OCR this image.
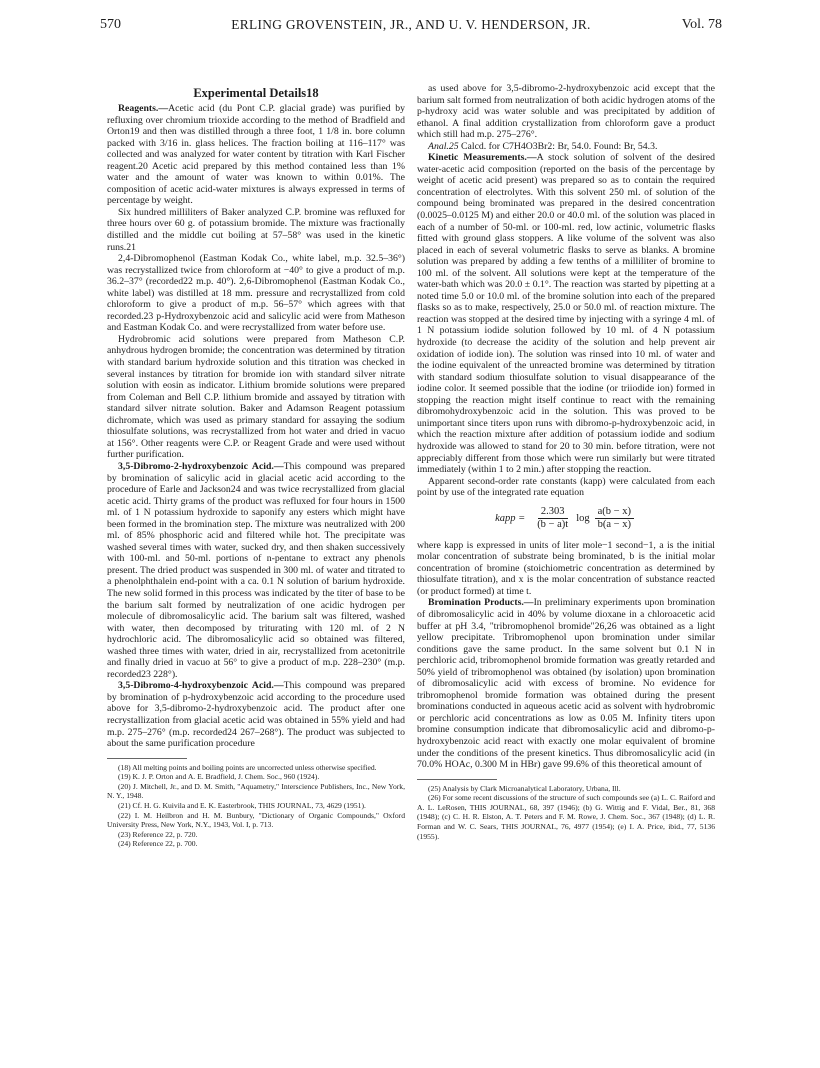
570	ERLING GROVENSTEIN, JR., AND U. V. HENDERSON, JR.	Vol. 78
Experimental Details18

Reagents.—Acetic acid (du Pont C.P. glacial grade) was purified by refluxing over chromium trioxide according to the method of Bradfield and Orton19 and then was distilled through a three foot, 1 1/8 in. bore column packed with 3/16 in. glass helices. The fraction boiling at 116–117° was collected and was analyzed for water content by titration with Karl Fischer reagent.20 Acetic acid prepared by this method contained less than 1% water and the amount of water was known to within 0.01%. The composition of acetic acid-water mixtures is always expressed in terms of percentage by weight.

Six hundred milliliters of Baker analyzed C.P. bromine was refluxed for three hours over 60 g. of potassium bromide. The mixture was fractionally distilled and the middle cut boiling at 57–58° was used in the kinetic runs.21

2,4-Dibromophenol (Eastman Kodak Co., white label, m.p. 32.5–36°) was recrystallized twice from chloroform at −40° to give a product of m.p. 36.2–37° (recorded22 m.p. 40°). 2,6-Dibromophenol (Eastman Kodak Co., white label) was distilled at 18 mm. pressure and recrystallized from cold chloroform to give a product of m.p. 56–57° which agrees with that recorded.23 p-Hydroxybenzoic acid and salicylic acid were from Matheson and Eastman Kodak Co. and were recrystallized from water before use.

Hydrobromic acid solutions were prepared from Matheson C.P. anhydrous hydrogen bromide; the concentration was determined by titration with standard barium hydroxide solution and this titration was checked in several instances by titration for bromide ion with standard silver nitrate solution with eosin as indicator. Lithium bromide solutions were prepared from Coleman and Bell C.P. lithium bromide and assayed by titration with standard silver nitrate solution. Baker and Adamson Reagent potassium dichromate, which was used as primary standard for assaying the sodium thiosulfate solutions, was recrystallized from hot water and dried in vacuo at 156°. Other reagents were C.P. or Reagent Grade and were used without further purification.

3,5-Dibromo-2-hydroxybenzoic Acid.—This compound was prepared by bromination of salicylic acid in glacial acetic acid according to the procedure of Earle and Jackson24 and was twice recrystallized from glacial acetic acid. Thirty grams of the product was refluxed for four hours in 1500 ml. of 1 N potassium hydroxide to saponify any esters which might have been formed in the bromination step. The mixture was neutralized with 200 ml. of 85% phosphoric acid and filtered while hot. The precipitate was washed several times with water, sucked dry, and then shaken successively with 100-ml. and 50-ml. portions of n-pentane to extract any phenols present. The dried product was suspended in 300 ml. of water and titrated to a phenolphthalein end-point with a ca. 0.1 N solution of barium hydroxide. The new solid formed in this process was indicated by the titer of base to be the barium salt formed by neutralization of one acidic hydrogen per molecule of dibromosalicylic acid. The barium salt was filtered, washed with water, then decomposed by triturating with 120 ml. of 2 N hydrochloric acid. The dibromosalicylic acid so obtained was filtered, washed three times with water, dried in air, recrystallized from acetonitrile and finally dried in vacuo at 56° to give a product of m.p. 228–230° (m.p. recorded23 228°).

3,5-Dibromo-4-hydroxybenzoic Acid.—This compound was prepared by bromination of p-hydroxybenzoic acid according to the procedure used above for 3,5-dibromo-2-hydroxybenzoic acid. The product after one recrystallization from glacial acetic acid was obtained in 55% yield and had m.p. 275–276° (m.p. recorded24 267–268°). The product was subjected to about the same purification procedure

(18) All melting points and boiling points are uncorrected unless otherwise specified.

(19) K. J. P. Orton and A. E. Bradfield, J. Chem. Soc., 960 (1924).

(20) J. Mitchell, Jr., and D. M. Smith, "Aquametry," Interscience Publishers, Inc., New York, N. Y., 1948.

(21) Cf. H. G. Kuivila and E. K. Easterbrook, THIS JOURNAL, 73, 4629 (1951).

(22) I. M. Heilbron and H. M. Bunbury, "Dictionary of Organic Compounds," Oxford University Press, New York, N.Y., 1943, Vol. I, p. 713.

(23) Reference 22, p. 720.

(24) Reference 22, p. 700.

as used above for 3,5-dibromo-2-hydroxybenzoic acid except that the barium salt formed from neutralization of both acidic hydrogen atoms of the p-hydroxy acid was water soluble and was precipitated by addition of ethanol. A final addition crystallization from chloroform gave a product which still had m.p. 275–276°.

Anal.25 Calcd. for C7H4O3Br2: Br, 54.0. Found: Br, 54.3.

Kinetic Measurements.—A stock solution of solvent of the desired water-acetic acid composition (reported on the basis of the percentage by weight of acetic acid present) was prepared so as to contain the required concentration of electrolytes. With this solvent 250 ml. of solution of the compound being brominated was prepared in the desired concentration (0.0025–0.0125 M) and either 20.0 or 40.0 ml. of the solution was placed in each of a number of 50-ml. or 100-ml. red, low actinic, volumetric flasks fitted with ground glass stoppers. A like volume of the solvent was also placed in each of several volumetric flasks to serve as blanks. A bromine solution was prepared by adding a few tenths of a milliliter of bromine to 100 ml. of the solvent. All solutions were kept at the temperature of the water-bath which was 20.0 ± 0.1°. The reaction was started by pipetting at a noted time 5.0 or 10.0 ml. of the bromine solution into each of the prepared flasks so as to make, respectively, 25.0 or 50.0 ml. of reaction mixture. The reaction was stopped at the desired time by injecting with a syringe 4 ml. of 1 N potassium iodide solution followed by 10 ml. of 4 N potassium hydroxide (to decrease the acidity of the solution and help prevent air oxidation of iodide ion). The solution was rinsed into 10 ml. of water and the iodine equivalent of the unreacted bromine was determined by titration with standard sodium thiosulfate solution to visual disappearance of the iodine color. It seemed possible that the iodine (or triiodide ion) formed in stopping the reaction might itself continue to react with the remaining dibromohydroxybenzoic acid in the solution. This was proved to be unimportant since titers upon runs with dibromo-p-hydroxybenzoic acid, in which the reaction mixture after addition of potassium iodide and sodium hydroxide was allowed to stand for 20 to 30 min. before titration, were not appreciably different from those which were run similarly but were titrated immediately (within 1 to 2 min.) after stopping the reaction.

Apparent second-order rate constants (kapp) were calculated from each point by use of the integrated rate equation

kapp = $\frac{2.303}{(b - a)t}$ $\log \frac{a(b - x)}{b(a - x)}$

where kapp is expressed in units of liter mole−1 second−1, a is the initial molar concentration of substrate being brominated, b is the initial molar concentration of bromine (stoichiometric concentration as determined by thiosulfate titration), and x is the molar concentration of substance reacted (or product formed) at time t.

Bromination Products.—In preliminary experiments upon bromination of dibromosalicylic acid in 40% by volume dioxane in a chloroacetic acid buffer at pH 3.4, "tribromophenol bromide"26,26 was obtained as a light yellow precipitate. Tribromophenol upon bromination under similar conditions gave the same product. In the same solvent but 0.1 N in perchloric acid, tribromophenol bromide formation was greatly retarded and 50% yield of tribromophenol was obtained (by isolation) upon bromination of dibromosalicylic acid with excess of bromine. No evidence for tribromophenol bromide formation was obtained during the present brominations conducted in aqueous acetic acid as solvent with hydrobromic or perchloric acid concentrations as low as 0.05 M. Infinity titers upon bromine consumption indicate that dibromosalicylic acid and dibromo-p-hydroxybenzoic acid react with exactly one molar equivalent of bromine under the conditions of the present kinetics. Thus dibromosalicylic acid (in 70.0% HOAc, 0.300 M in HBr) gave 99.6% of this theoretical amount of

(25) Analysis by Clark Microanalytical Laboratory, Urbana, Ill.

(26) For some recent discussions of the structure of such compounds see (a) L. C. Raiford and A. L. LeRosen, THIS JOURNAL, 68, 397 (1946); (b) G. Wittig and F. Vidal, Ber., 81, 368 (1948); (c) C. H. R. Elston, A. T. Peters and F. M. Rowe, J. Chem. Soc., 367 (1948); (d) L. R. Forman and W. C. Sears, THIS JOURNAL, 76, 4977 (1954); (e) I. A. Price, ibid., 77, 5136 (1955).
